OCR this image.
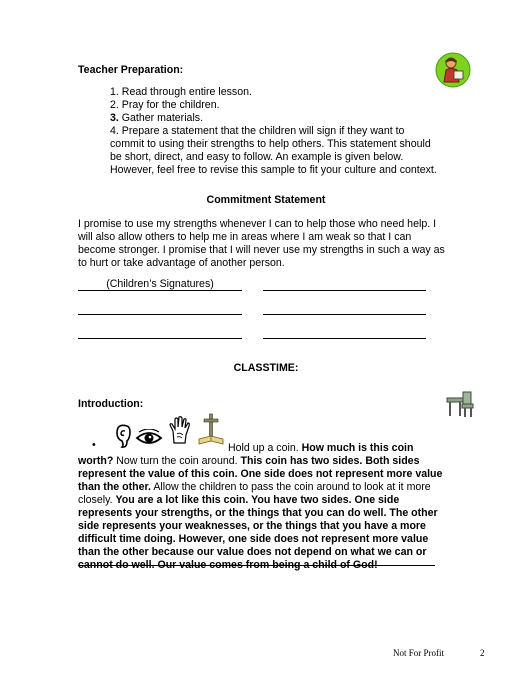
Teacher Preparation:
1. Read through entire lesson.
2. Pray for the children.
3. Gather materials.
4. Prepare a statement that the children will sign if they want to commit to using their strengths to help others. This statement should be short, direct, and easy to follow. An example is given below. However, feel free to revise this sample to fit your culture and context.
Commitment Statement
I promise to use my strengths whenever I can to help those who need help. I will also allow others to help me in areas where I am weak so that I can become stronger. I promise that I will never use my strengths in such a way as to hurt or take advantage of another person.
(Children’s Signatures)
CLASSTIME:
Introduction:
•	Hold up a coin. How much is this coin worth? Now turn the coin around. This coin has two sides. Both sides represent the value of this coin. One side does not represent more value than the other. Allow the children to pass the coin around to look at it more closely. You are a lot like this coin. You have two sides. One side represents your strengths, or the things that you can do well. The other side represents your weaknesses, or the things that you have a more difficult time doing. However, one side does not represent more value than the other because our value does not depend on what we can or cannot do well. Our value comes from being a child of God!
Not For Profit	2
